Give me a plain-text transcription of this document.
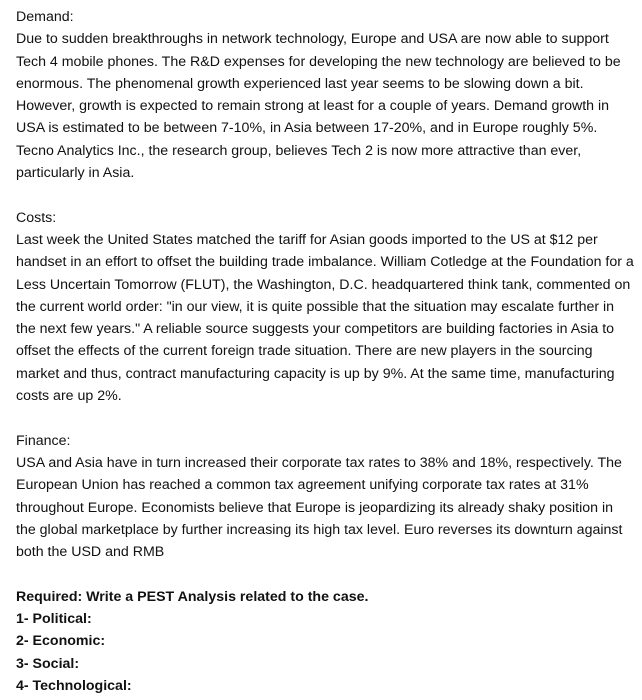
Demand:

Due to sudden breakthroughs in network technology, Europe and USA are now able to support Tech 4 mobile phones. The R&D expenses for developing the new technology are believed to be enormous. The phenomenal growth experienced last year seems to be slowing down a bit. However, growth is expected to remain strong at least for a couple of years. Demand growth in USA is estimated to be between 7-10%, in Asia between 17-20%, and in Europe roughly 5%. Tecno Analytics Inc., the research group, believes Tech 2 is now more attractive than ever, particularly in Asia.

Costs:

Last week the United States matched the tariff for Asian goods imported to the US at $12 per handset in an effort to offset the building trade imbalance. William Cotledge at the Foundation for a Less Uncertain Tomorrow (FLUT), the Washington, D.C. headquartered think tank, commented on the current world order: "in our view, it is quite possible that the situation may escalate further in the next few years." A reliable source suggests your competitors are building factories in Asia to offset the effects of the current foreign trade situation. There are new players in the sourcing market and thus, contract manufacturing capacity is up by 9%. At the same time, manufacturing costs are up 2%.

Finance:

USA and Asia have in turn increased their corporate tax rates to 38% and 18%, respectively. The European Union has reached a common tax agreement unifying corporate tax rates at 31% throughout Europe. Economists believe that Europe is jeopardizing its already shaky position in the global marketplace by further increasing its high tax level. Euro reverses its downturn against both the USD and RMB

Required: Write a PEST Analysis related to the case.

1- Political:
2- Economic:
3- Social:
4- Technological:
